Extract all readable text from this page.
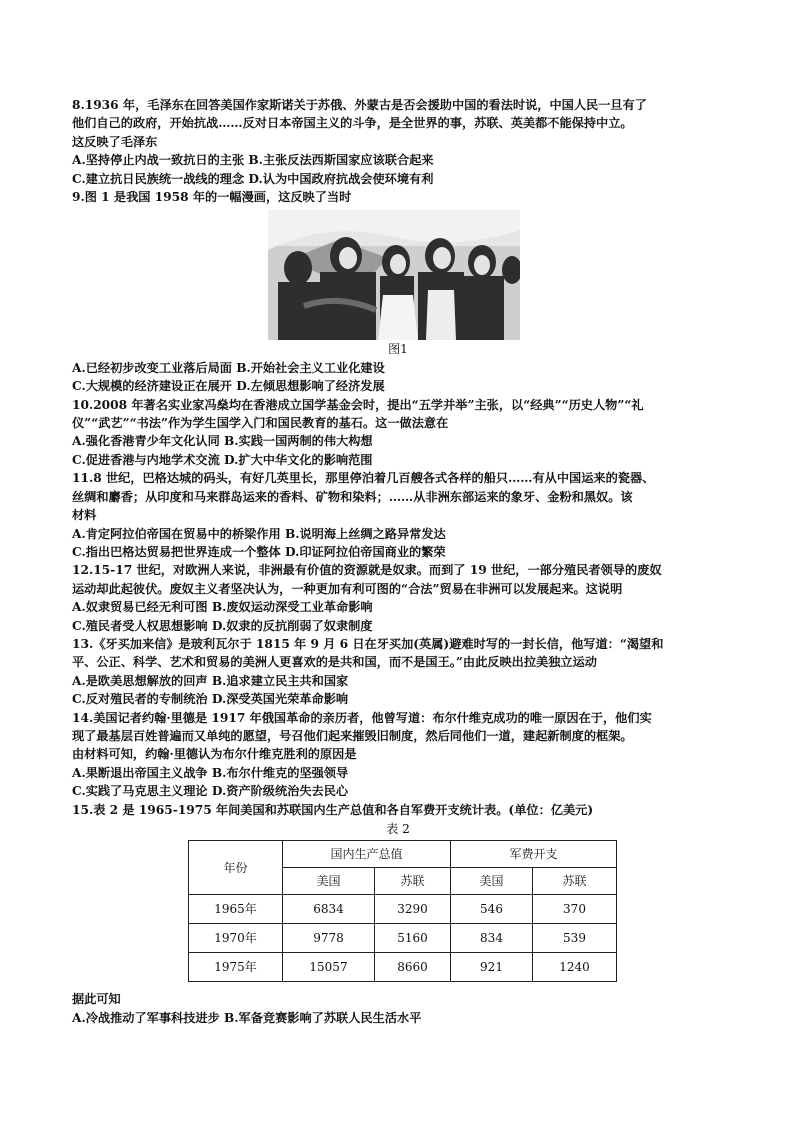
8.1936 年，毛泽东在回答美国作家斯诺关于苏俄、外蒙古是否会援助中国的看法时说，中国人民一旦有了
他们自己的政府，开始抗战……反对日本帝国主义的斗争，是全世界的事，苏联、英美都不能保持中立。
这反映了毛泽东
A.坚持停止内战一致抗日的主张 B.主张反法西斯国家应该联合起来
C.建立抗日民族统一战线的理念 D.认为中国政府抗战会使环境有利
9.图 1 是我国 1958 年的一幅漫画，这反映了当时
图1
A.已经初步改变工业落后局面 B.开始社会主义工业化建设
C.大规模的经济建设正在展开 D.左倾思想影响了经济发展
10.2008 年著名实业家冯燊均在香港成立国学基金会时，提出“五学并举”主张，以“经典”“历史人物”“礼
仪”“武艺”“书法”作为学生国学入门和国民教育的基石。这一做法意在
A.强化香港青少年文化认同 B.实践一国两制的伟大构想
C.促进香港与内地学术交流 D.扩大中华文化的影响范围
11.8 世纪，巴格达城的码头，有好几英里长，那里停泊着几百艘各式各样的船只……有从中国运来的瓷器、
丝绸和麝香；从印度和马来群岛运来的香料、矿物和染料；……从非洲东部运来的象牙、金粉和黑奴。该
材料
A.肯定阿拉伯帝国在贸易中的桥梁作用 B.说明海上丝绸之路异常发达
C.指出巴格达贸易把世界连成一个整体 D.印证阿拉伯帝国商业的繁荣
12.15-17 世纪，对欧洲人来说，非洲最有价值的资源就是奴隶。而到了 19 世纪，一部分殖民者领导的废奴
运动却此起彼伏。废奴主义者坚决认为，一种更加有利可图的“合法”贸易在非洲可以发展起来。这说明
A.奴隶贸易已经无利可图 B.废奴运动深受工业革命影响
C.殖民者受人权思想影响 D.奴隶的反抗削弱了奴隶制度
13.《牙买加来信》是玻利瓦尔于 1815 年 9 月 6 日在牙买加(英属)避难时写的一封长信，他写道：“渴望和
平、公正、科学、艺术和贸易的美洲人更喜欢的是共和国，而不是国王。”由此反映出拉美独立运动
A.是欧美思想解放的回声 B.追求建立民主共和国家
C.反对殖民者的专制统治 D.深受英国光荣革命影响
14.美国记者约翰·里德是 1917 年俄国革命的亲历者，他曾写道：布尔什维克成功的唯一原因在于，他们实
现了最基层百姓普遍而又单纯的愿望，号召他们起来摧毁旧制度，然后同他们一道，建起新制度的框架。
由材料可知，约翰·里德认为布尔什维克胜利的原因是
A.果断退出帝国主义战争 B.布尔什维克的坚强领导
C.实践了马克思主义理论 D.资产阶级统治失去民心
15.表 2 是 1965-1975 年间美国和苏联国内生产总值和各自军费开支统计表。(单位：亿美元)
表 2
年份	国内生产总值		军费开支	
	美国	苏联	美国	苏联
1965年	6834	3290	546	370
1970年	9778	5160	834	539
1975年	15057	8660	921	1240
据此可知
A.冷战推动了军事科技进步 B.军备竞赛影响了苏联人民生活水平
